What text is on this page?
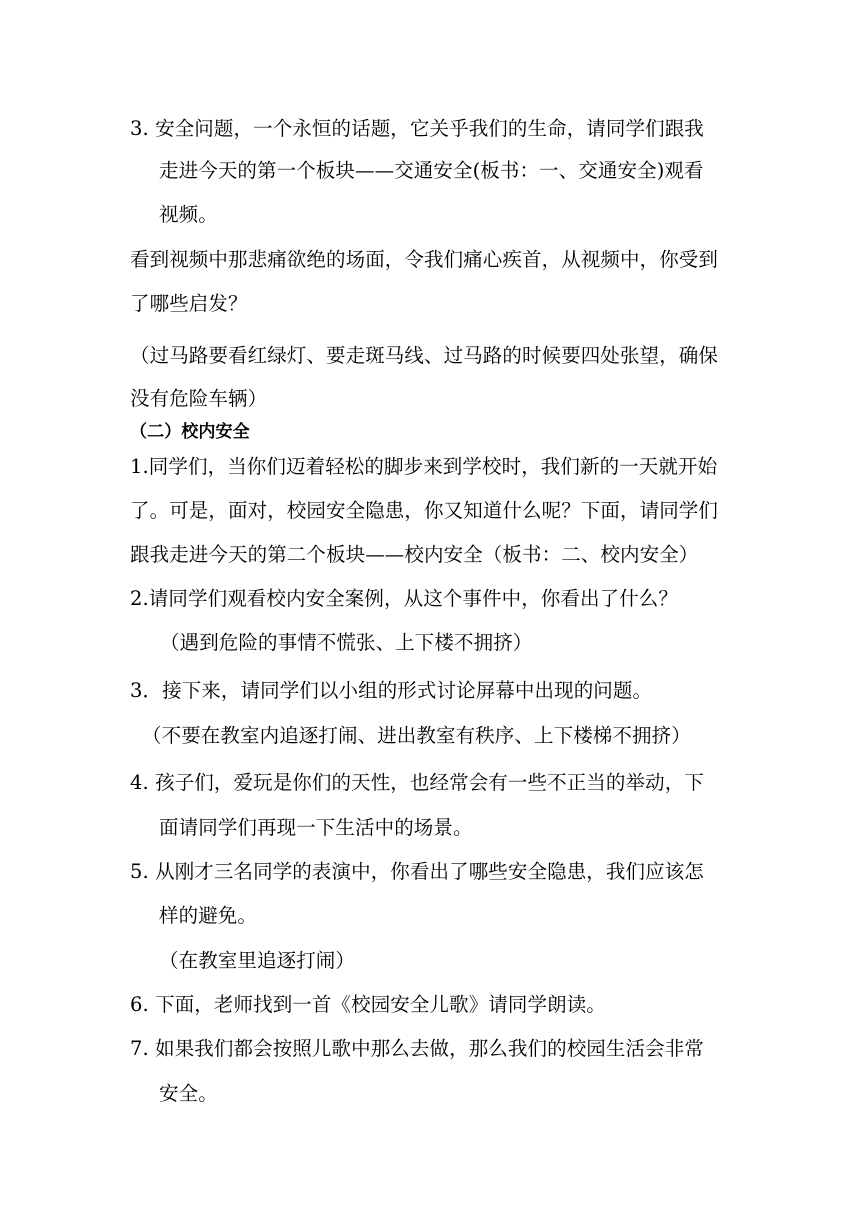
3. 安全问题，一个永恒的话题，它关乎我们的生命，请同学们跟我
走进今天的第一个板块——交通安全(板书：一、交通安全)观看
视频。
看到视频中那悲痛欲绝的场面，令我们痛心疾首，从视频中，你受到
了哪些启发？
（过马路要看红绿灯、要走斑马线、过马路的时候要四处张望，确保
没有危险车辆）
（二）校内安全
1.同学们，当你们迈着轻松的脚步来到学校时，我们新的一天就开始
了。可是，面对，校园安全隐患，你又知道什么呢？下面，请同学们
跟我走进今天的第二个板块——校内安全（板书：二、校内安全）
2.请同学们观看校内安全案例，从这个事件中，你看出了什么？
（遇到危险的事情不慌张、上下楼不拥挤）
3．接下来，请同学们以小组的形式讨论屏幕中出现的问题。
（不要在教室内追逐打闹、进出教室有秩序、上下楼梯不拥挤）
4. 孩子们，爱玩是你们的天性，也经常会有一些不正当的举动，下
面请同学们再现一下生活中的场景。
5. 从刚才三名同学的表演中，你看出了哪些安全隐患，我们应该怎
样的避免。
（在教室里追逐打闹）
6. 下面，老师找到一首《校园安全儿歌》请同学朗读。
7. 如果我们都会按照儿歌中那么去做，那么我们的校园生活会非常
安全。
